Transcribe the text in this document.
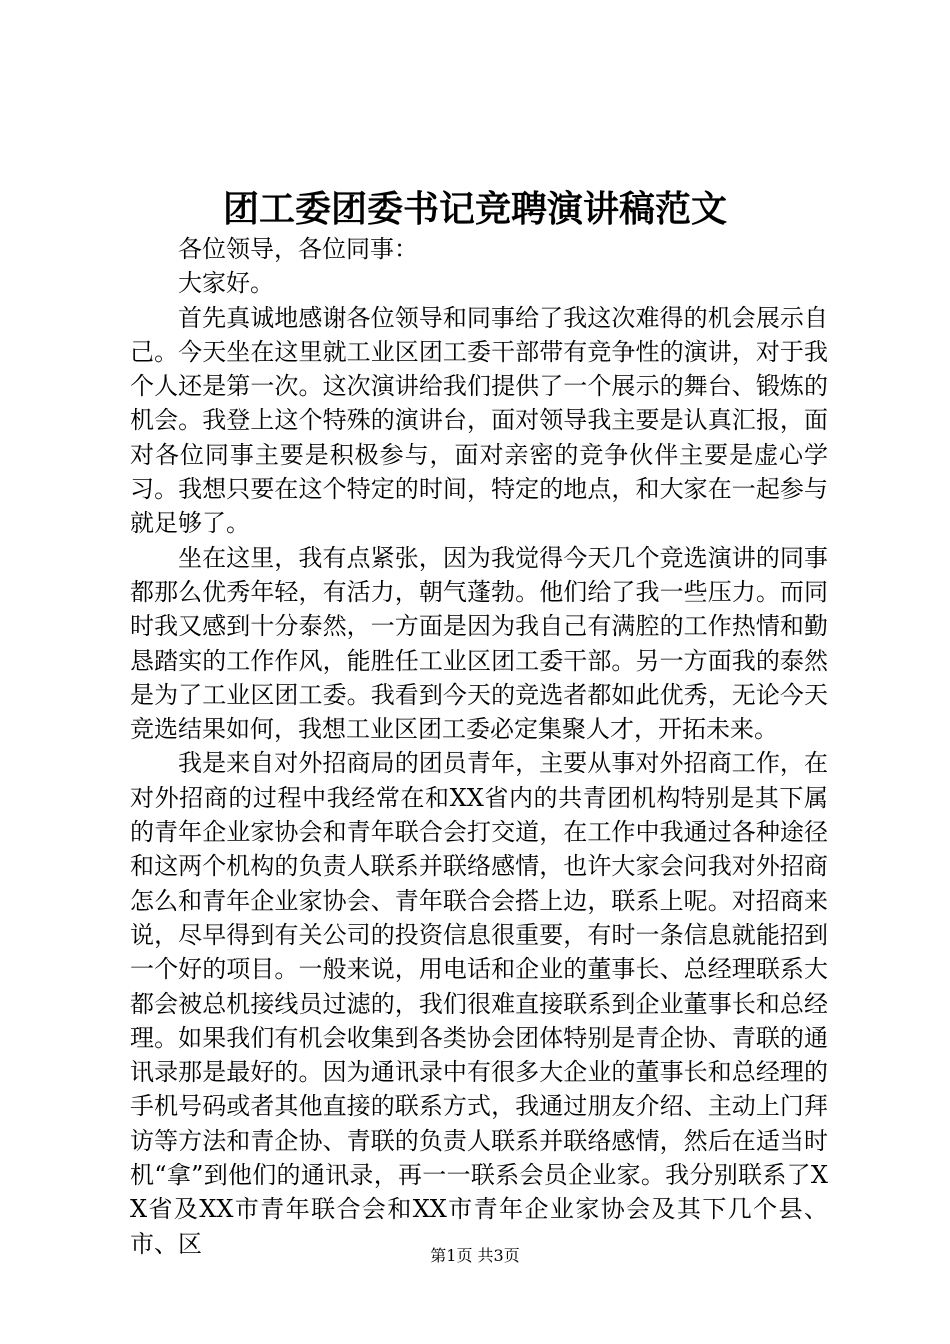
团工委团委书记竞聘演讲稿范文

各位领导，各位同事：

大家好。

首先真诚地感谢各位领导和同事给了我这次难得的机会展示自己。今天坐在这里就工业区团工委干部带有竞争性的演讲，对于我个人还是第一次。这次演讲给我们提供了一个展示的舞台、锻炼的机会。我登上这个特殊的演讲台，面对领导我主要是认真汇报，面对各位同事主要是积极参与，面对亲密的竞争伙伴主要是虚心学习。我想只要在这个特定的时间，特定的地点，和大家在一起参与就足够了。

坐在这里，我有点紧张，因为我觉得今天几个竞选演讲的同事都那么优秀年轻，有活力，朝气蓬勃。他们给了我一些压力。而同时我又感到十分泰然，一方面是因为我自己有满腔的工作热情和勤恳踏实的工作作风，能胜任工业区团工委干部。另一方面我的泰然是为了工业区团工委。我看到今天的竞选者都如此优秀，无论今天竞选结果如何，我想工业区团工委必定集聚人才，开拓未来。

我是来自对外招商局的团员青年，主要从事对外招商工作，在对外招商的过程中我经常在和XX省内的共青团机构特别是其下属的青年企业家协会和青年联合会打交道，在工作中我通过各种途径和这两个机构的负责人联系并联络感情，也许大家会问我对外招商怎么和青年企业家协会、青年联合会搭上边，联系上呢。对招商来说，尽早得到有关公司的投资信息很重要，有时一条信息就能招到一个好的项目。一般来说，用电话和企业的董事长、总经理联系大都会被总机接线员过滤的，我们很难直接联系到企业董事长和总经理。如果我们有机会收集到各类协会团体特别是青企协、青联的通讯录那是最好的。因为通讯录中有很多大企业的董事长和总经理的手机号码或者其他直接的联系方式，我通过朋友介绍、主动上门拜访等方法和青企协、青联的负责人联系并联络感情，然后在适当时机“拿”到他们的通讯录，再一一联系会员企业家。我分别联系了XX省及XX市青年联合会和XX市青年企业家协会及其下几个县、市、区	第1页 共3页
